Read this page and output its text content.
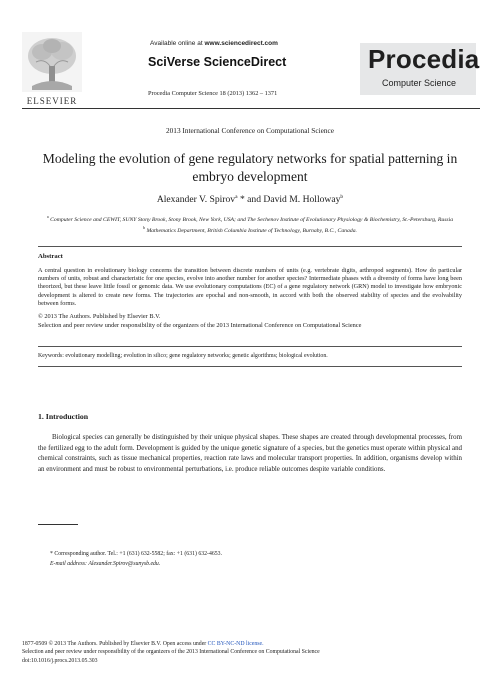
ELSEVIER
Available online at www.sciencedirect.com
SciVerse ScienceDirect
Procedia Computer Science 18 (2013) 1362 – 1371
Procedia
Computer Science
2013 International Conference on Computational Science
Modeling the evolution of gene regulatory networks for spatial patterning in embryo development
Alexander V. Spirov$^a$ * and David M. Holloway$^b$
$^a$ Computer Science and CEWIT, SUNY Stony Brook, Stony Brook, New York, USA; and The Sechenov Institute of Evolutionary Physiology & Biochemistry, St.-Petersburg, Russia
$^b$ Mathematics Department, British Columbia Institute of Technology, Burnaby, B.C., Canada.
Abstract
A central question in evolutionary biology concerns the transition between discrete numbers of units (e.g. vertebrate digits, arthropod segments). How do particular numbers of units, robust and characteristic for one species, evolve into another number for another species? Intermediate phases with a diversity of forms have long been theorized, but these leave little fossil or genomic data. We use evolutionary computations (EC) of a gene regulatory network (GRN) model to investigate how embryonic development is altered to create new forms. The trajectories are epochal and non-smooth, in accord with both the observed stability of species and the evolvability between forms.
© 2013 The Authors. Published by Elsevier B.V.
Selection and peer review under responsibility of the organizers of the 2013 International Conference on Computational Science
Keywords: evolutionary modelling; evolution in silico; gene regulatory networks; genetic algorithms; biological evolution.
1. Introduction
Biological species can generally be distinguished by their unique physical shapes. These shapes are created through developmental processes, from the fertilized egg to the adult form. Development is guided by the unique genetic signature of a species, but the genetics must operate within physical and chemical constraints, such as tissue mechanical properties, reaction rate laws and molecular transport properties. In addition, organisms develop within an environment and must be robust to environmental perturbations, i.e. produce reliable outcomes despite variable conditions.
* Corresponding author. Tel.: +1 (631) 632-5582; fax: +1 (631) 632-4653.
E-mail address: Alexander.Spirov@sunysb.edu.
1877-0509 © 2013 The Authors. Published by Elsevier B.V. Open access under CC BY-NC-ND license.
Selection and peer review under responsibility of the organizers of the 2013 International Conference on Computational Science
doi:10.1016/j.procs.2013.05.303
